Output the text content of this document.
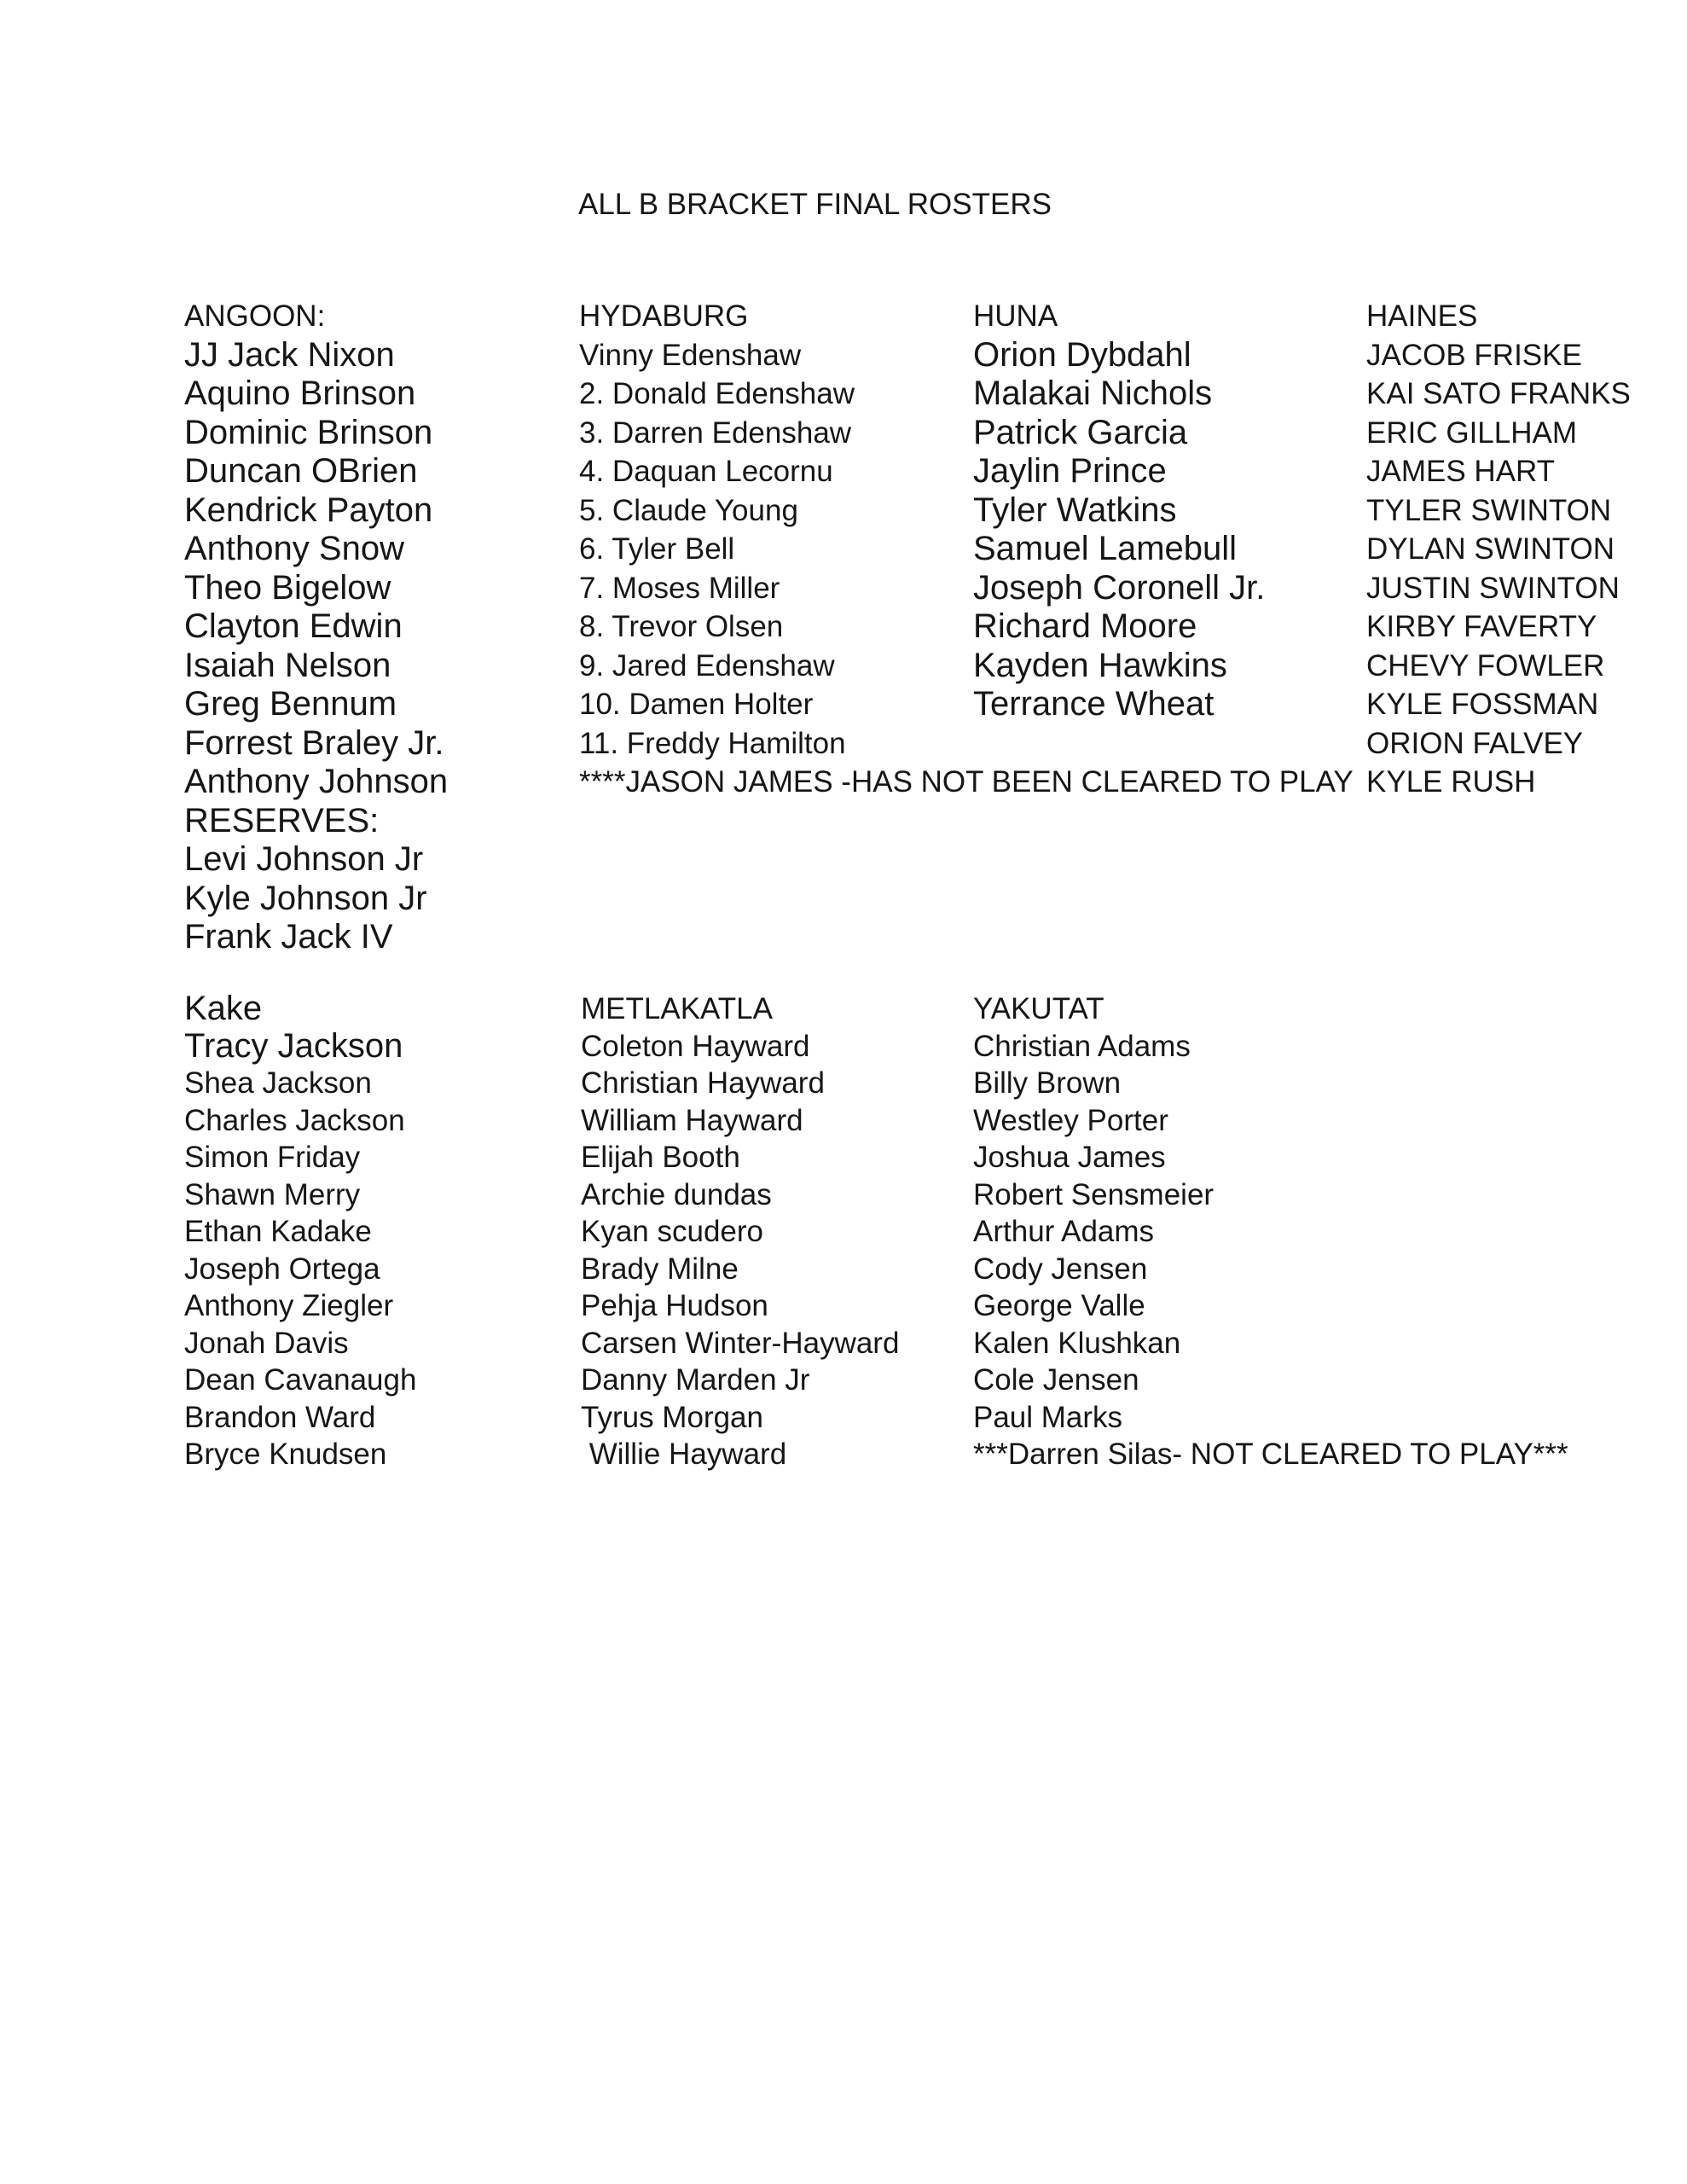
ALL B BRACKET FINAL ROSTERS
ANGOON:
JJ Jack Nixon
Aquino Brinson
Dominic Brinson
Duncan OBrien
Kendrick Payton
Anthony Snow
Theo Bigelow
Clayton Edwin
Isaiah Nelson
Greg Bennum
Forrest Braley Jr.
Anthony Johnson
RESERVES:
Levi Johnson Jr
Kyle Johnson Jr
Frank Jack IV
HYDABURG
Vinny Edenshaw
2. Donald Edenshaw
3. Darren Edenshaw
4. Daquan Lecornu
5. Claude Young
6. Tyler Bell
7. Moses Miller
8. Trevor Olsen
9. Jared Edenshaw
10. Damen Holter
11. Freddy Hamilton
****JASON JAMES -HAS NOT BEEN CLEARED TO PLAY
HUNA
Orion Dybdahl
Malakai Nichols
Patrick Garcia
Jaylin Prince
Tyler Watkins
Samuel Lamebull
Joseph Coronell Jr.
Richard Moore
Kayden Hawkins
Terrance Wheat
HAINES
JACOB FRISKE
KAI SATO FRANKS
ERIC GILLHAM
JAMES HART
TYLER SWINTON
DYLAN SWINTON
JUSTIN SWINTON
KIRBY FAVERTY
CHEVY FOWLER
KYLE FOSSMAN
ORION FALVEY
KYLE RUSH
Kake
Tracy Jackson
Shea Jackson
Charles Jackson
Simon Friday
Shawn Merry
Ethan Kadake
Joseph Ortega
Anthony Ziegler
Jonah Davis
Dean Cavanaugh
Brandon Ward
Bryce Knudsen
METLAKATLA
Coleton Hayward
Christian Hayward
William Hayward
Elijah Booth
Archie dundas
Kyan scudero
Brady Milne
Pehja Hudson
Carsen Winter-Hayward
Danny Marden Jr
Tyrus Morgan
Willie Hayward
YAKUTAT
Christian Adams
Billy Brown
Westley Porter
Joshua James
Robert Sensmeier
Arthur Adams
Cody Jensen
George Valle
Kalen Klushkan
Cole Jensen
Paul Marks
***Darren Silas- NOT CLEARED TO PLAY***
